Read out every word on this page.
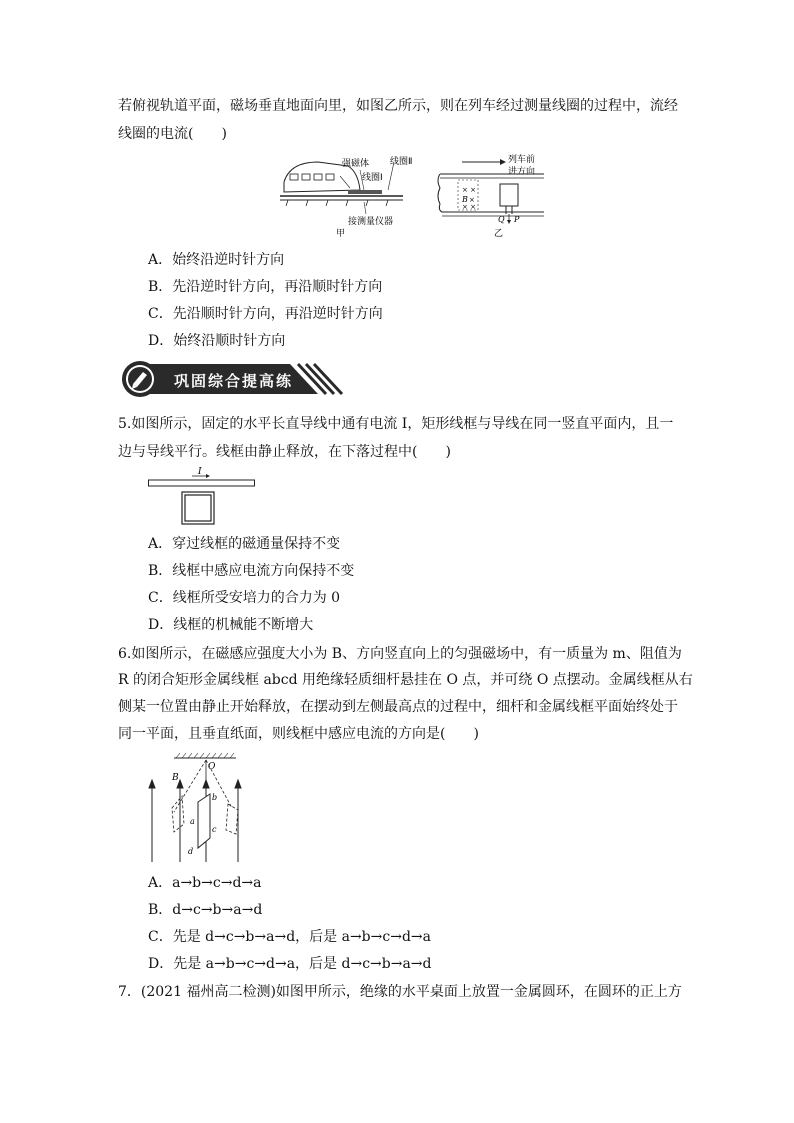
若俯视轨道平面，磁场垂直地面向里，如图乙所示，则在列车经过测量线圈的过程中，流经
线圈的电流(　　)
强磁体 线圈Ⅱ
线圈Ⅰ
接测量仪器
甲
列车前
进方向
× ×
B ×
× ×
Q P
乙
A．始终沿逆时针方向
B．先沿逆时针方向，再沿顺时针方向
C．先沿顺时针方向，再沿逆时针方向
D．始终沿顺时针方向
巩固综合提高练
5.如图所示，固定的水平长直导线中通有电流 I，矩形线框与导线在同一竖直平面内，且一
边与导线平行。线框由静止释放，在下落过程中(　　)
I
A．穿过线框的磁通量保持不变
B．线框中感应电流方向保持不变
C．线框所受安培力的合力为 0
D．线框的机械能不断增大
6.如图所示，在磁感应强度大小为 B、方向竖直向上的匀强磁场中，有一质量为 m、阻值为
R 的闭合矩形金属线框 abcd 用绝缘轻质细杆悬挂在 O 点，并可绕 O 点摆动。金属线框从右
侧某一位置由静止开始释放，在摆动到左侧最高点的过程中，细杆和金属线框平面始终处于
同一平面，且垂直纸面，则线框中感应电流的方向是(　　)
O
B
a
b
c
d
A．a→b→c→d→a
B．d→c→b→a→d
C．先是 d→c→b→a→d，后是 a→b→c→d→a
D．先是 a→b→c→d→a，后是 d→c→b→a→d
7．(2021 福州高二检测)如图甲所示，绝缘的水平桌面上放置一金属圆环，在圆环的正上方
